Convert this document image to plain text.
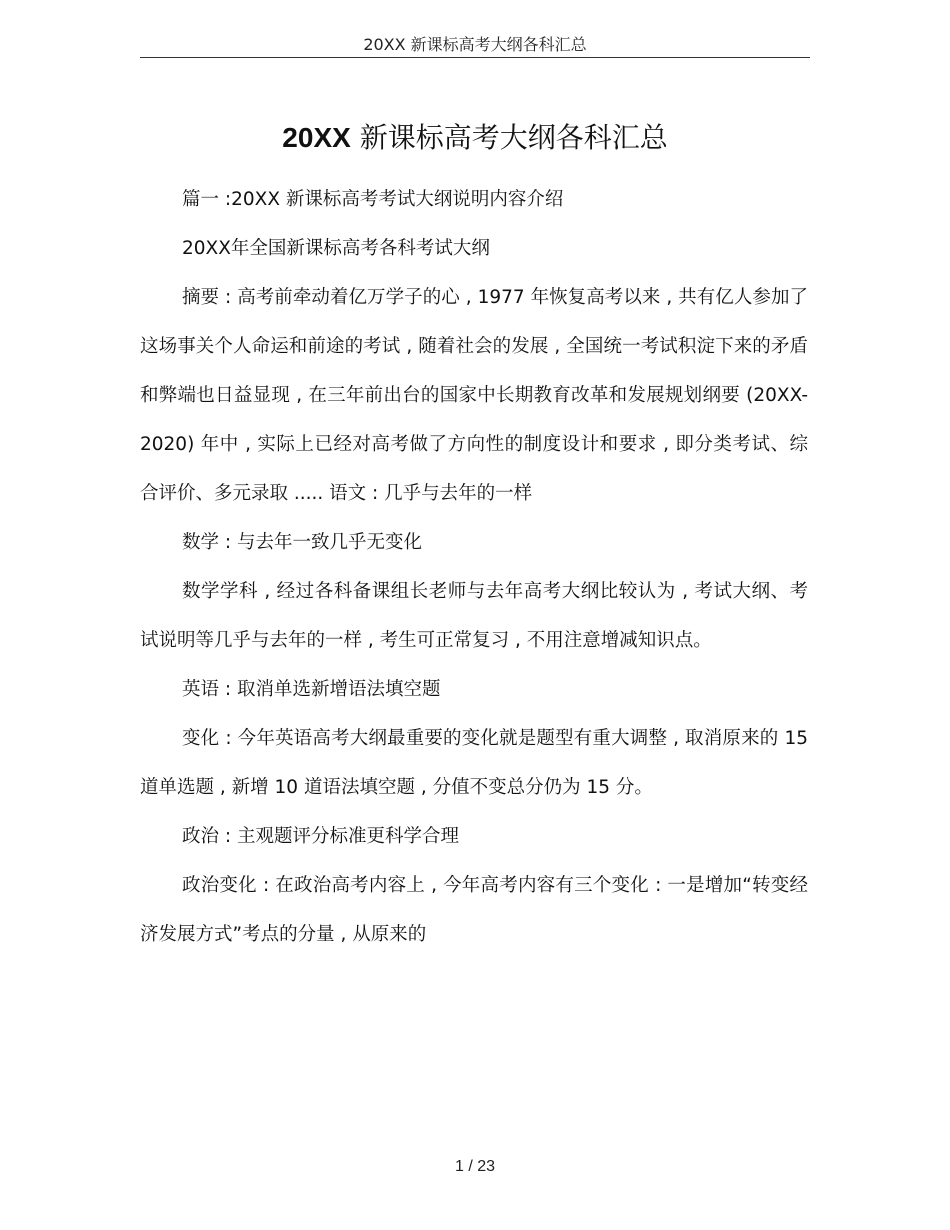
20XX 新课标高考大纲各科汇总
20XX 新课标高考大纲各科汇总

篇一 :20XX 新课标高考考试大纲说明内容介绍

20XX年全国新课标高考各科考试大纲

摘要 : 高考前牵动着亿万学子的心 , 1977 年恢复高考以来 , 共有亿人参加了这场事关个人命运和前途的考试 , 随着社会的发展 , 全国统一考试积淀下来的矛盾和弊端也日益显现 , 在三年前出台的国家中长期教育改革和发展规划纲要 (20XX-2020) 年中 , 实际上已经对高考做了方向性的制度设计和要求 , 即分类考试、综合评价、多元录取 ..... 语文 : 几乎与去年的一样

数学 : 与去年一致几乎无变化

数学学科 , 经过各科备课组长老师与去年高考大纲比较认为 , 考试大纲、考试说明等几乎与去年的一样 , 考生可正常复习 , 不用注意增减知识点。

英语 : 取消单选新增语法填空题

变化 : 今年英语高考大纲最重要的变化就是题型有重大调整 , 取消原来的 15 道单选题 , 新增 10 道语法填空题 , 分值不变总分仍为 15 分。

政治 : 主观题评分标准更科学合理

政治变化 : 在政治高考内容上 , 今年高考内容有三个变化 : 一是增加“转变经济发展方式”考点的分量 , 从原来的

1 / 23
